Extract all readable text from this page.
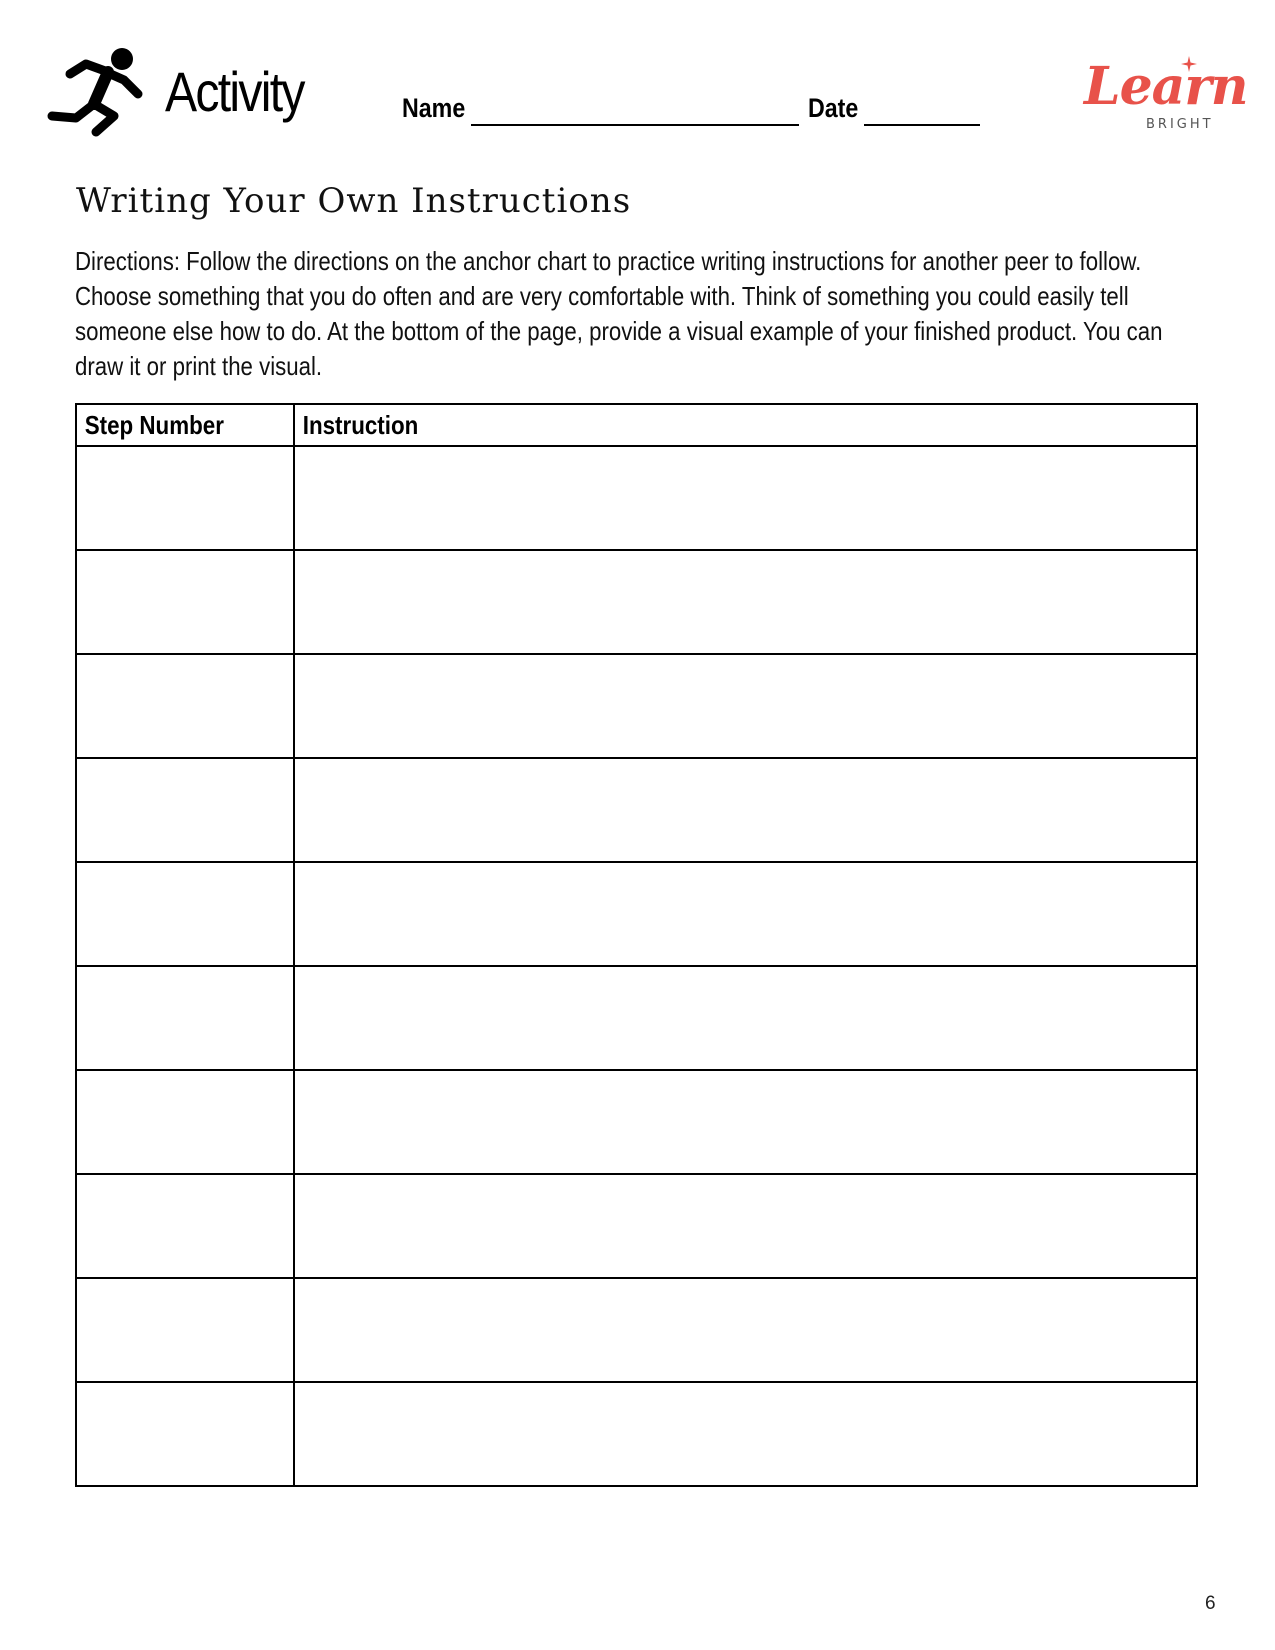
Activity	Name	Date	Learn
BRIGHT
Writing Your Own Instructions
Directions: Follow the directions on the anchor chart to practice writing instructions for another peer to follow. Choose something that you do often and are very comfortable with. Think of something you could easily tell someone else how to do. At the bottom of the page, provide a visual example of your finished product. You can draw it or print the visual.
Step Number	Instruction

6
